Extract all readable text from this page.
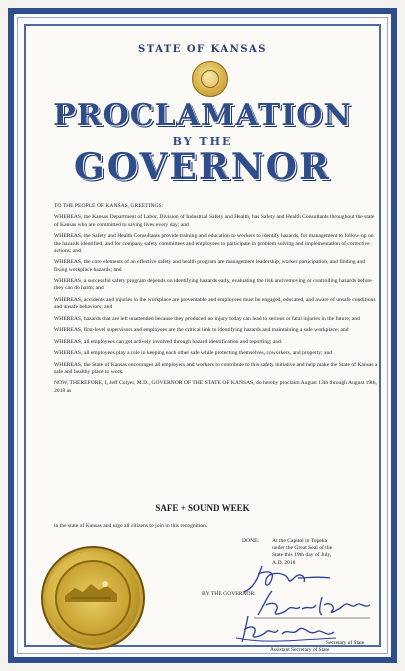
STATE OF KANSAS
PROCLAMATION
BY THE
GOVERNOR

TO THE PEOPLE OF KANSAS, GREETINGS:

WHEREAS, the Kansas Department of Labor, Division of Industrial Safety and Health, has Safety and Health Consultants throughout the state of Kansas who are committed to saving lives every day; and

WHEREAS, the Safety and Health Consultants provide training and education to workers to identify hazards, for management to follow-up on the hazards identified, and for company safety committees and employees to participate in problem solving and implementation of corrective actions; and

WHEREAS, the core elements of an effective safety and health program are management leadership, worker participation, and finding and fixing workplace hazards; and

WHEREAS, a successful safety program depends on identifying hazards early, evaluating the risk and removing or controlling hazards before they can do harm; and

WHEREAS, accidents and injuries in the workplace are preventable and employees must be engaged, educated, and aware of unsafe conditions and unsafe behaviors; and

WHEREAS, hazards that are left unattended because they produced no injury today can lead to serious or fatal injuries in the future; and

WHEREAS, first-level supervisors and employees are the critical link to identifying hazards and maintaining a safe workplace; and

WHEREAS, all employees can get actively involved through hazard identification and reporting; and

WHEREAS, all employees play a role in keeping each other safe while protecting themselves, coworkers, and property; and

WHEREAS, the State of Kansas encourages all employers and workers to contribute to this safety initiative and help make the State of Kansas a safe and healthy place to work.

NOW, THEREFORE, I, Jeff Colyer, M.D., GOVERNOR OF THE STATE OF KANSAS, do hereby proclaim August 13th through August 19th, 2018 as

SAFE + SOUND WEEK
in the state of Kansas and urge all citizens to join in this recognition.
DONE: At the Capitol in Topeka
under the Great Seal of the
State this 19th day of July,
A.D. 2018
BY THE GOVERNOR:
Secretary of State
Assistant Secretary of State
